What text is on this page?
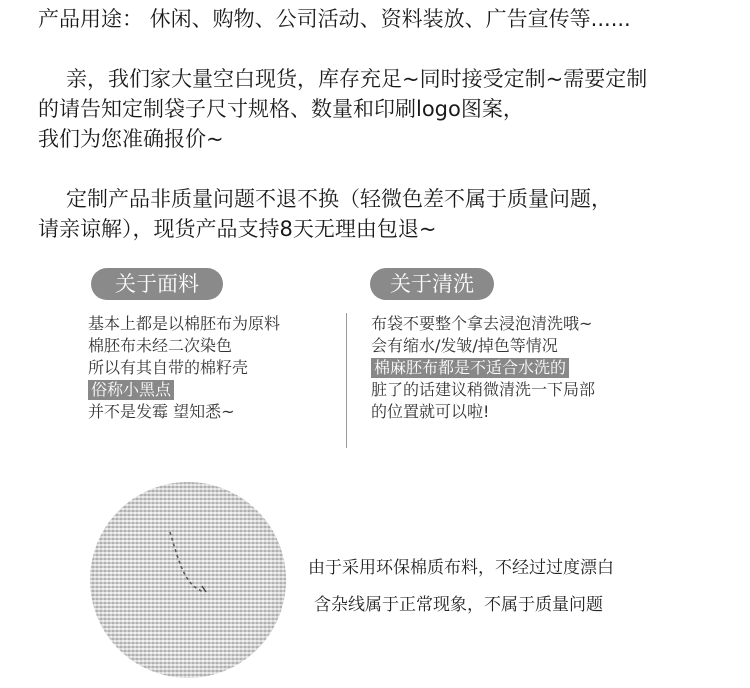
产品用途： 休闲、购物、公司活动、资料装放、广告宣传等......

亲，我们家大量空白现货，库存充足~同时接受定制~需要定制

的请告知定制袋子尺寸规格、数量和印刷logo图案，

我们为您准确报价~

定制产品非质量问题不退不换（轻微色差不属于质量问题，

请亲谅解），现货产品支持8天无理由包退~

关于面料	关于清洗
基本上都是以棉胚布为原料
棉胚布未经二次染色
所以有其自带的棉籽壳
俗称小黑点
并不是发霉 望知悉~
布袋不要整个拿去浸泡清洗哦~
会有缩水/发皱/掉色等情况
棉麻胚布都是不适合水洗的
脏了的话建议稍微清洗一下局部
的位置就可以啦!
由于采用环保棉质布料，不经过过度漂白
含杂线属于正常现象，不属于质量问题
